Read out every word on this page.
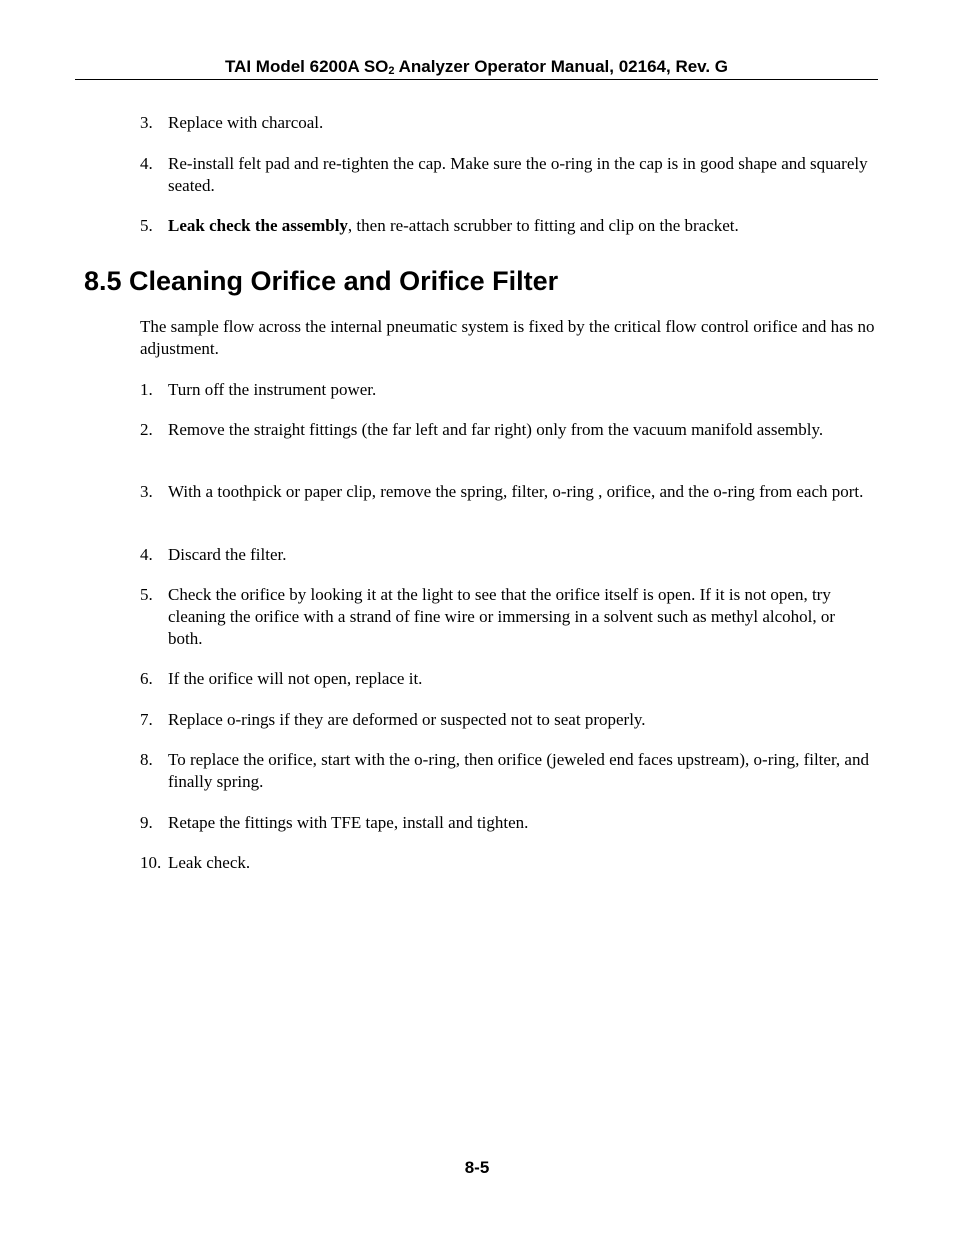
TAI Model 6200A $SO_2$ Analyzer Operator Manual, 02164, Rev. G
3. Replace with charcoal.
4. Re-install felt pad and re-tighten the cap. Make sure the o-ring in the cap is in good shape and squarely seated.
5. Leak check the assembly, then re-attach scrubber to fitting and clip on the bracket.
8.5 Cleaning Orifice and Orifice Filter
The sample flow across the internal pneumatic system is fixed by the critical flow control orifice and has no adjustment.
1. Turn off the instrument power.
2. Remove the straight fittings (the far left and far right) only from the vacuum manifold assembly.
3. With a toothpick or paper clip, remove the spring, filter, o-ring , orifice, and the o-ring from each port.
4. Discard the filter.
5. Check the orifice by looking it at the light to see that the orifice itself is open. If it is not open, try cleaning the orifice with a strand of fine wire or immersing in a solvent such as methyl alcohol, or both.
6. If the orifice will not open, replace it.
7. Replace o-rings if they are deformed or suspected not to seat properly.
8. To replace the orifice, start with the o-ring, then orifice (jeweled end faces upstream), o-ring, filter, and finally spring.
9. Retape the fittings with TFE tape, install and tighten.
10. Leak check.
8-5
